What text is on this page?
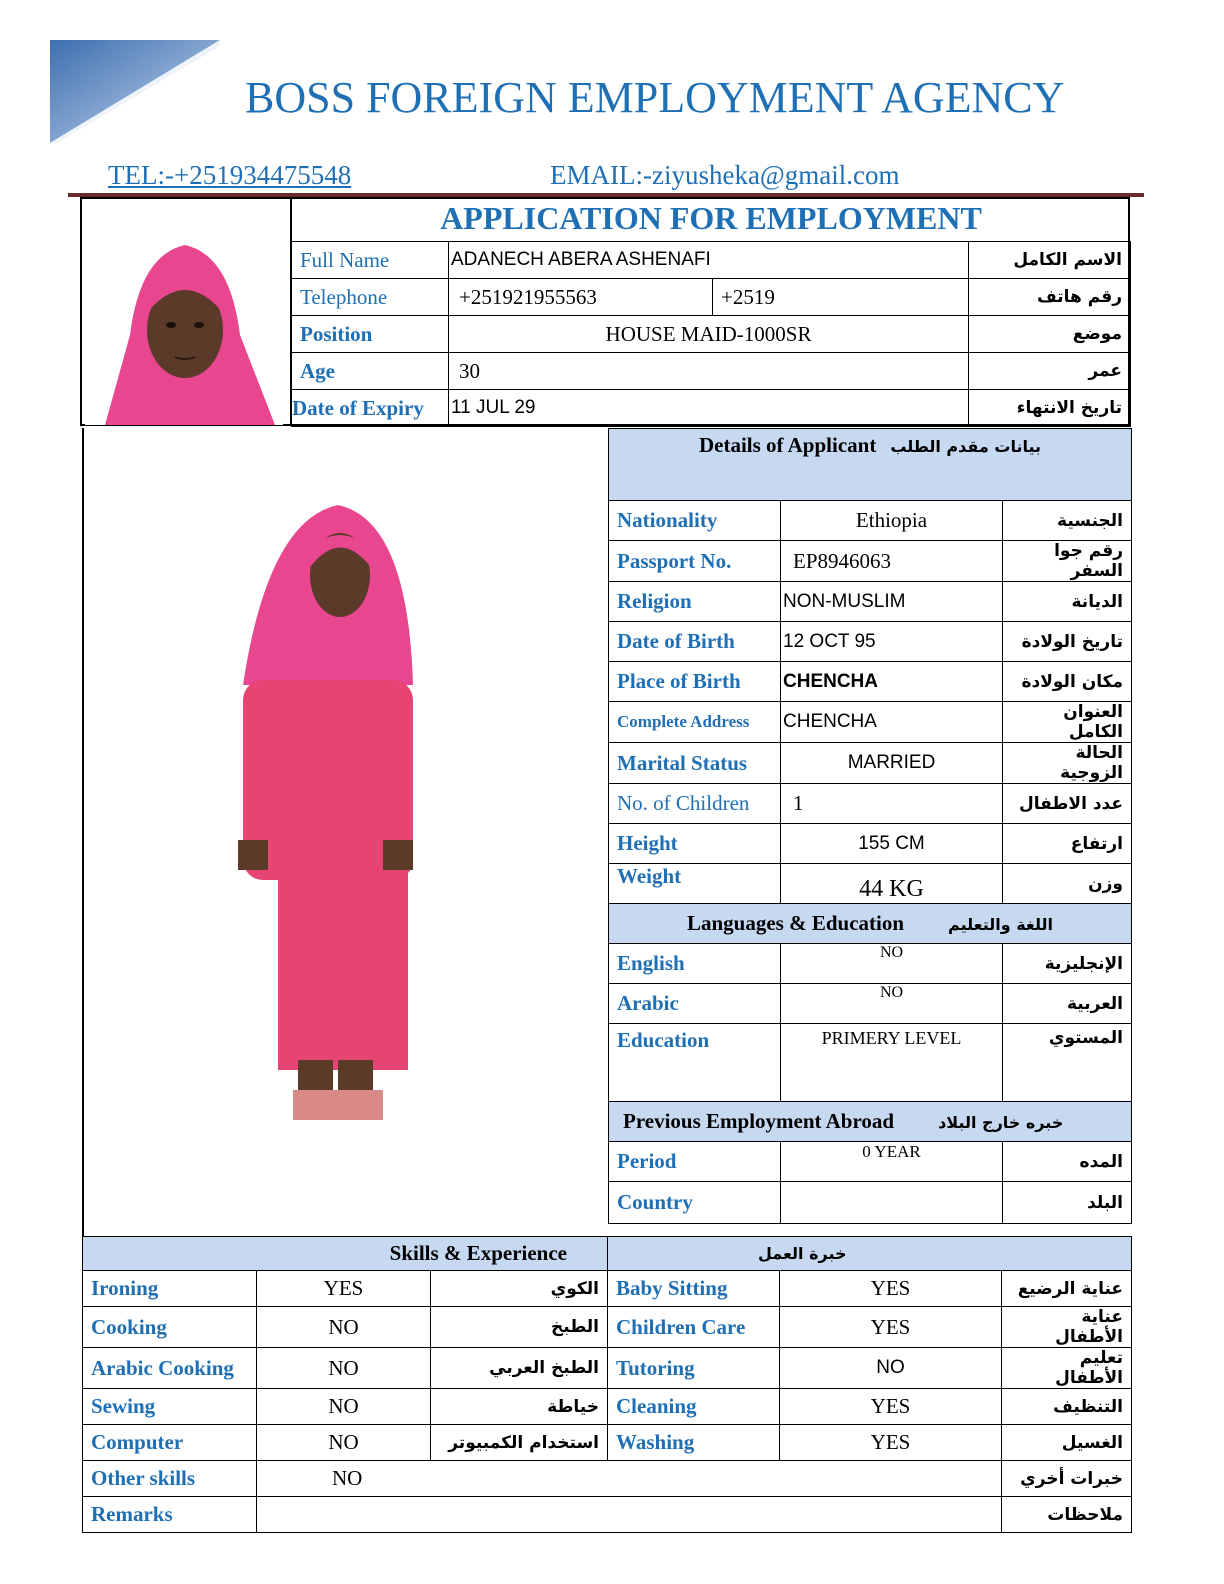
BOSS FOREIGN EMPLOYMENT AGENCY
TEL:-+251934475548	EMAIL:-ziyusheka@gmail.com
APPLICATION FOR EMPLOYMENT
Full Name	ADANECH ABERA ASHENAFI		الاسم الكامل
Telephone	+251921955563	+2519	رقم هاتف
Position	HOUSE MAID-1000SR		موضع
Age	30		عمر
Date of Expiry	11 JUL 29		تاريخ الانتهاء
Details of Applicant بيانات مقدم الطلب		
Nationality	Ethiopia	الجنسية
Passport No.	EP8946063	رقم جوا السفر
Religion	NON-MUSLIM	الديانة
Date of Birth	12 OCT 95	تاريخ الولادة
Place of Birth	CHENCHA	مكان الولادة
Complete Address	CHENCHA	العنوان الكامل
Marital Status	MARRIED	الحالة الزوجية
No. of Children	1	عدد الاطفال
Height	155 CM	ارتفاع
Weight	44 KG	وزن
Languages & Education اللغة والتعليم		
English	NO	الإنجليزية
Arabic	NO	العربية
Education	PRIMERY LEVEL	المستوي
Previous Employment Abroad خبره خارج البلاد		
Period	0 YEAR	المده
Country		البلد
Skills & Experience			خبرة العمل		
Ironing	YES	الكوي	Baby Sitting	YES	عناية الرضيع
Cooking	NO	الطبخ	Children Care	YES	عناية الأطفال
Arabic Cooking	NO	الطبخ العربي	Tutoring	NO	تعليم الأطفال
Sewing	NO	خياطة	Cleaning	YES	التنظيف
Computer	NO	استخدام الكمبيوتر	Washing	YES	الغسيل
Other skills	NO				خبرات أخري
Remarks					ملاحظات
